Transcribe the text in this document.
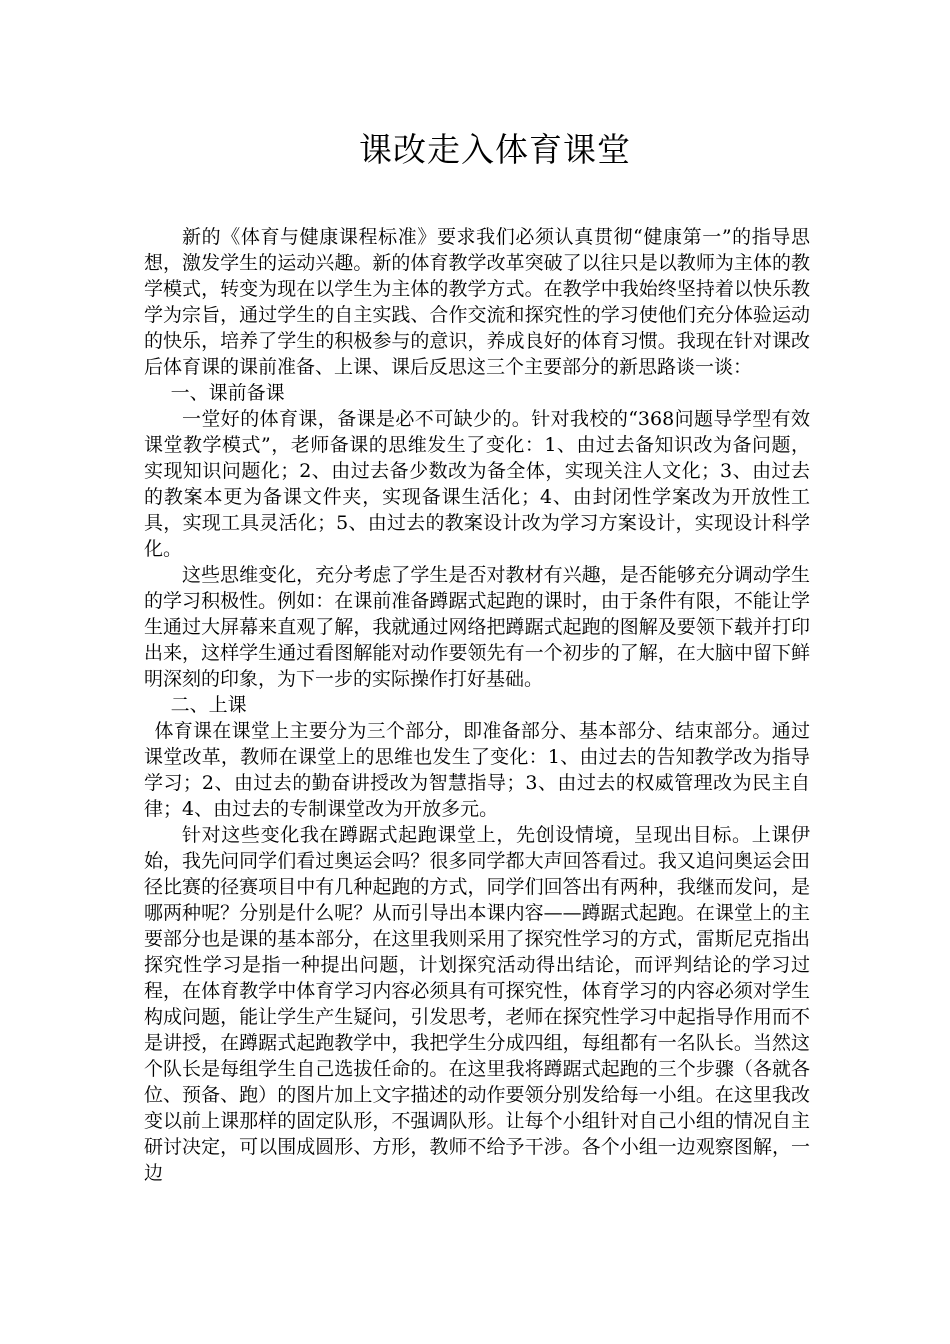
课改走入体育课堂

新的《体育与健康课程标准》要求我们必须认真贯彻“健康第一”的指导思想，激发学生的运动兴趣。新的体育教学改革突破了以往只是以教师为主体的教学模式，转变为现在以学生为主体的教学方式。在教学中我始终坚持着以快乐教学为宗旨，通过学生的自主实践、合作交流和探究性的学习使他们充分体验运动的快乐，培养了学生的积极参与的意识，养成良好的体育习惯。我现在针对课改后体育课的课前准备、上课、课后反思这三个主要部分的新思路谈一谈：

一、课前备课

一堂好的体育课，备课是必不可缺少的。针对我校的“368问题导学型有效课堂教学模式”，老师备课的思维发生了变化：1、由过去备知识改为备问题，实现知识问题化；2、由过去备少数改为备全体，实现关注人文化；3、由过去的教案本更为备课文件夹，实现备课生活化；4、由封闭性学案改为开放性工具，实现工具灵活化；5、由过去的教案设计改为学习方案设计，实现设计科学化。

这些思维变化，充分考虑了学生是否对教材有兴趣，是否能够充分调动学生的学习积极性。例如：在课前准备蹲踞式起跑的课时，由于条件有限，不能让学生通过大屏幕来直观了解，我就通过网络把蹲踞式起跑的图解及要领下载并打印出来，这样学生通过看图解能对动作要领先有一个初步的了解，在大脑中留下鲜明深刻的印象，为下一步的实际操作打好基础。

二、上课

体育课在课堂上主要分为三个部分，即准备部分、基本部分、结束部分。通过课堂改革，教师在课堂上的思维也发生了变化：1、由过去的告知教学改为指导学习；2、由过去的勤奋讲授改为智慧指导；3、由过去的权威管理改为民主自律；4、由过去的专制课堂改为开放多元。

针对这些变化我在蹲踞式起跑课堂上，先创设情境，呈现出目标。上课伊始，我先问同学们看过奥运会吗？很多同学都大声回答看过。我又追问奥运会田径比赛的径赛项目中有几种起跑的方式，同学们回答出有两种，我继而发问，是哪两种呢？分别是什么呢？从而引导出本课内容——蹲踞式起跑。在课堂上的主要部分也是课的基本部分，在这里我则采用了探究性学习的方式，雷斯尼克指出探究性学习是指一种提出问题，计划探究活动得出结论，而评判结论的学习过程，在体育教学中体育学习内容必须具有可探究性，体育学习的内容必须对学生构成问题，能让学生产生疑问，引发思考，老师在探究性学习中起指导作用而不是讲授，在蹲踞式起跑教学中，我把学生分成四组，每组都有一名队长。当然这个队长是每组学生自己选拔任命的。在这里我将蹲踞式起跑的三个步骤（各就各位、预备、跑）的图片加上文字描述的动作要领分别发给每一小组。在这里我改变以前上课那样的固定队形，不强调队形。让每个小组针对自己小组的情况自主研讨决定，可以围成圆形、方形，教师不给予干涉。各个小组一边观察图解，一边
